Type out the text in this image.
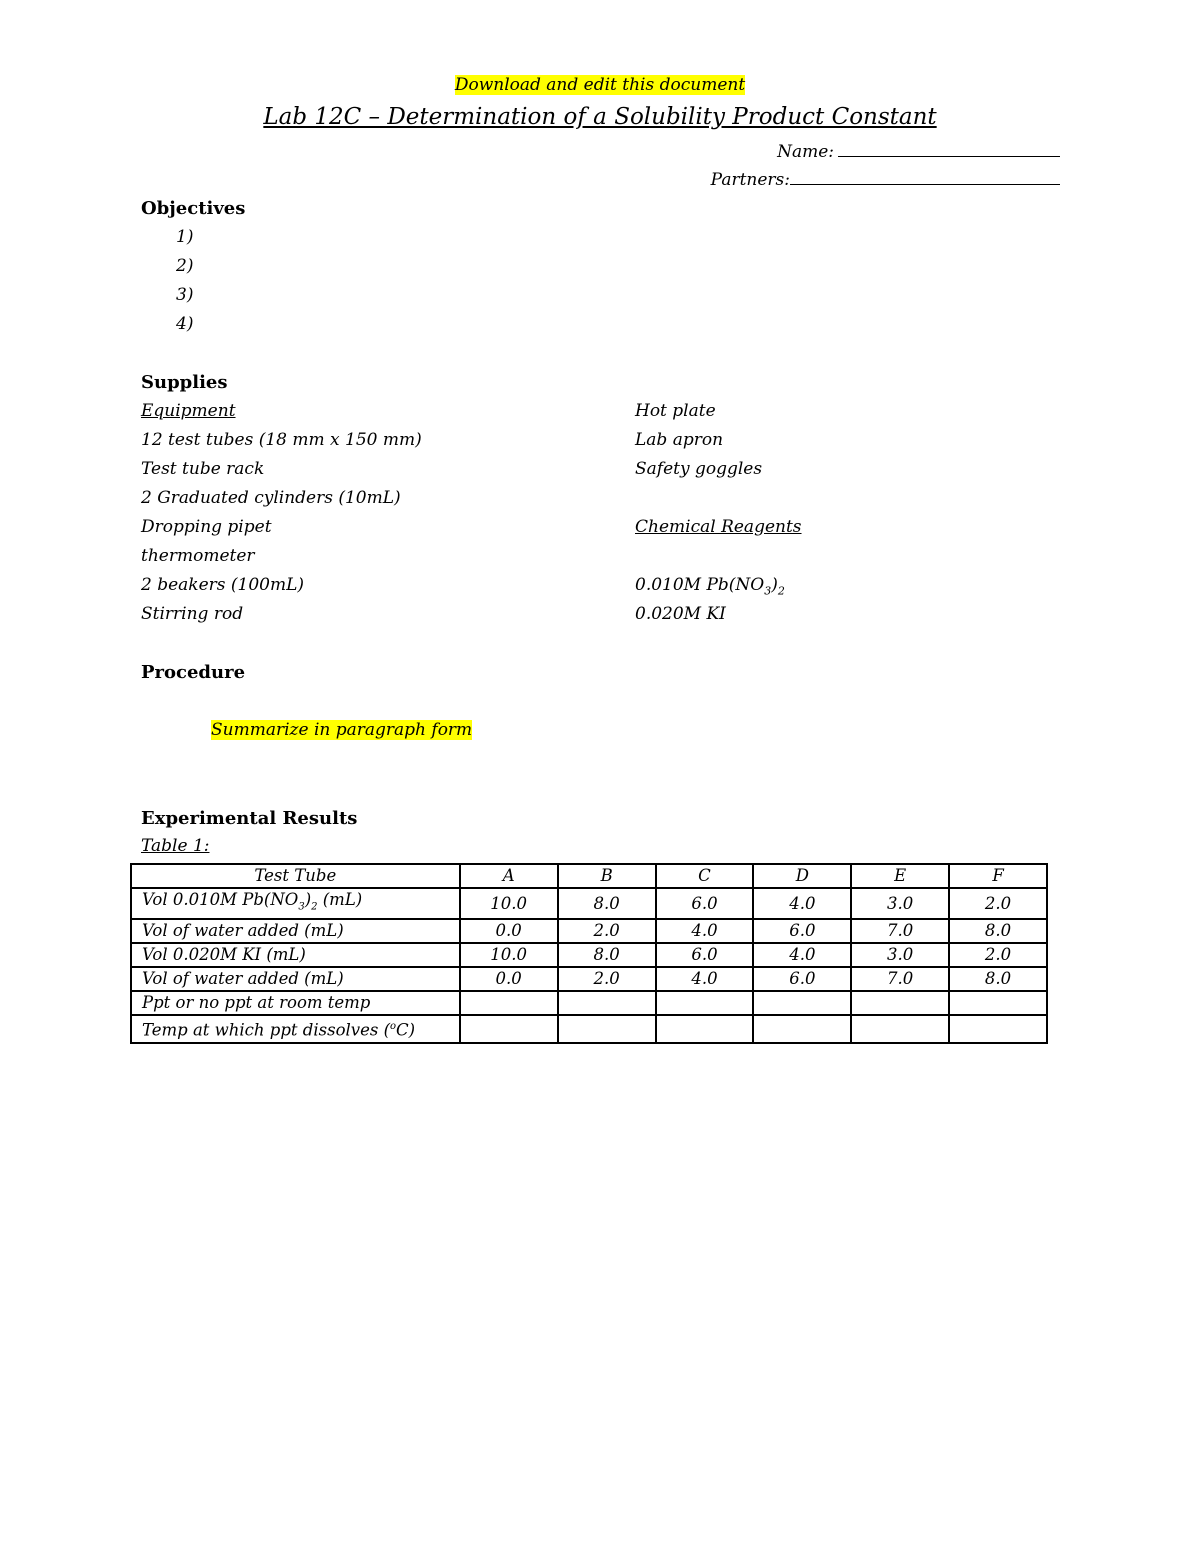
Download and edit this document
Lab 12C – Determination of a Solubility Product Constant
Name:
Partners:
Objectives
1)
2)
3)
4)
Supplies
Equipment
12 test tubes (18 mm x 150 mm)
Test tube rack
2 Graduated cylinders (10mL)
Dropping pipet
thermometer
2 beakers (100mL)
Stirring rod
Hot plate
Lab apron
Safety goggles
Chemical Reagents
0.010M $Pb(NO_3)_2$
0.020M KI
Procedure
Summarize in paragraph form
Experimental Results
Table 1:
Test Tube	A	B	C	D	E	F
Vol 0.010M $Pb(NO_3)_2$ (mL)	10.0	8.0	6.0	4.0	3.0	2.0
Vol of water added (mL)	0.0	2.0	4.0	6.0	7.0	8.0
Vol 0.020M KI (mL)	10.0	8.0	6.0	4.0	3.0	2.0
Vol of water added (mL)	0.0	2.0	4.0	6.0	7.0	8.0
Ppt or no ppt at room temp						
Temp at which ppt dissolves ($^o$C)						
